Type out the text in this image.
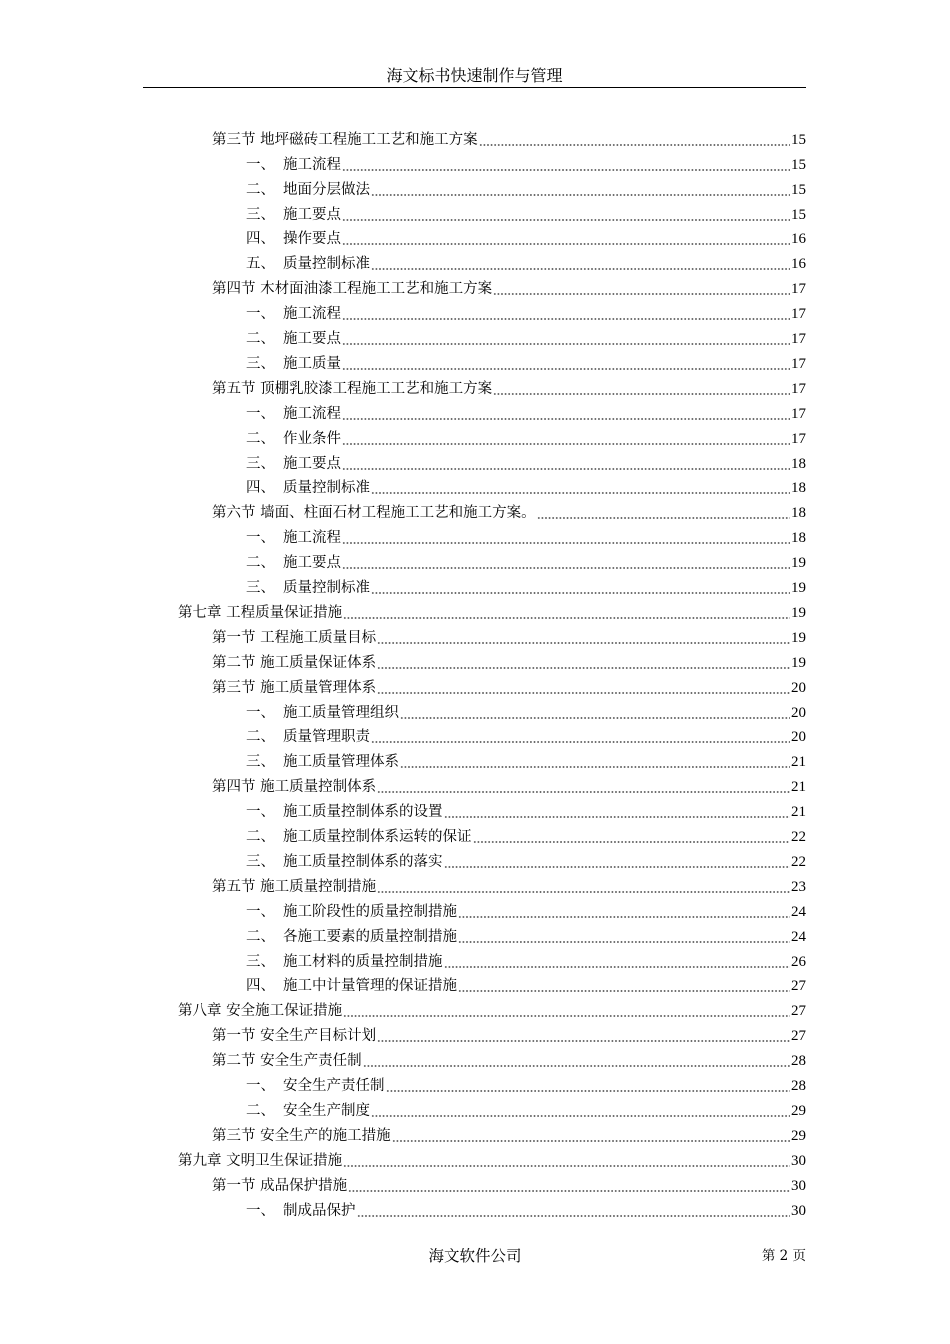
海文标书快速制作与管理
第三节 地坪磁砖工程施工工艺和施工方案	15
一、 施工流程	15
二、 地面分层做法	15
三、 施工要点	15
四、 操作要点	16
五、 质量控制标准	16
第四节 木材面油漆工程施工工艺和施工方案	17
一、 施工流程	17
二、 施工要点	17
三、 施工质量	17
第五节 顶棚乳胶漆工程施工工艺和施工方案	17
一、 施工流程	17
二、 作业条件	17
三、 施工要点	18
四、 质量控制标准	18
第六节 墙面、柱面石材工程施工工艺和施工方案。	18
一、 施工流程	18
二、 施工要点	19
三、 质量控制标准	19
第七章 工程质量保证措施	19
第一节 工程施工质量目标	19
第二节 施工质量保证体系	19
第三节 施工质量管理体系	20
一、 施工质量管理组织	20
二、 质量管理职责	20
三、 施工质量管理体系	21
第四节 施工质量控制体系	21
一、 施工质量控制体系的设置	21
二、 施工质量控制体系运转的保证	22
三、 施工质量控制体系的落实	22
第五节 施工质量控制措施	23
一、 施工阶段性的质量控制措施	24
二、 各施工要素的质量控制措施	24
三、 施工材料的质量控制措施	26
四、 施工中计量管理的保证措施	27
第八章 安全施工保证措施	27
第一节 安全生产目标计划	27
第二节 安全生产责任制	28
一、 安全生产责任制	28
二、 安全生产制度	29
第三节 安全生产的施工措施	29
第九章 文明卫生保证措施	30
第一节 成品保护措施	30
一、 制成品保护	30
海文软件公司	第 2 页
